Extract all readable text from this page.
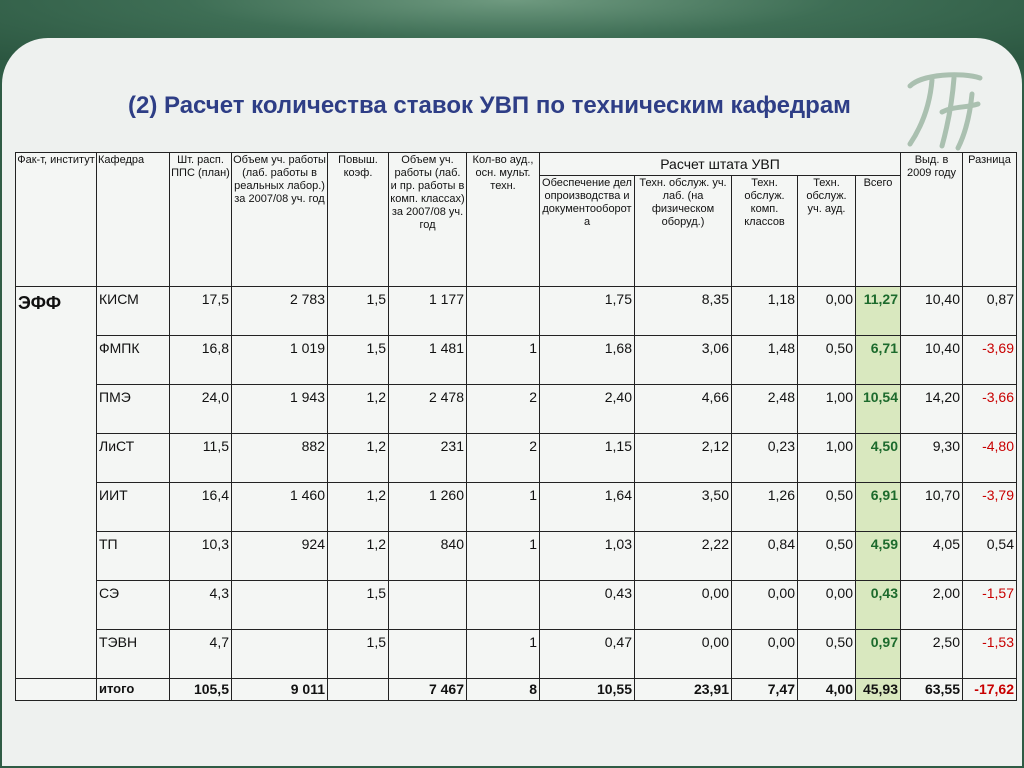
(2) Расчет количества ставок УВП по техническим кафедрам
Фак-т, институт	Кафедра	Шт. расп. ППС (план)	Объем уч. работы (лаб. работы в реальных лабор.) за 2007/08 уч. год	Повыш. коэф.	Объем уч. работы (лаб. и пр. работы в комп. классах) за 2007/08 уч. год	Кол-во ауд., осн. мульт. техн.	Расчет штата УВП					Выд. в 2009 году	Разница
							Обеспечение делопроизводства и документооборота	Техн. обслуж. уч. лаб. (на физическом оборуд.)	Техн. обслуж. комп. классов	Техн. обслуж. уч. ауд.	Всего		
ЭФФ	КИСМ	17,5	2 783	1,5	1 177		1,75	8,35	1,18	0,00	11,27	10,40	0,87
	ФМПК	16,8	1 019	1,5	1 481	1	1,68	3,06	1,48	0,50	6,71	10,40	-3,69
	ПМЭ	24,0	1 943	1,2	2 478	2	2,40	4,66	2,48	1,00	10,54	14,20	-3,66
	ЛиСТ	11,5	882	1,2	231	2	1,15	2,12	0,23	1,00	4,50	9,30	-4,80
	ИИТ	16,4	1 460	1,2	1 260	1	1,64	3,50	1,26	0,50	6,91	10,70	-3,79
	ТП	10,3	924	1,2	840	1	1,03	2,22	0,84	0,50	4,59	4,05	0,54
	СЭ	4,3		1,5			0,43	0,00	0,00	0,00	0,43	2,00	-1,57
	ТЭВН	4,7		1,5		1	0,47	0,00	0,00	0,50	0,97	2,50	-1,53
	итого	105,5	9 011		7 467	8	10,55	23,91	7,47	4,00	45,93	63,55	-17,62
